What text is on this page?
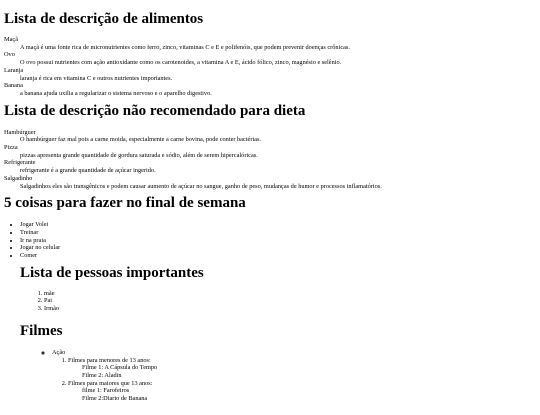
Lista de descrição de alimentos
Maçã
A maçã é uma fonte rica de micronutrientes como ferro, zinco, vitaminas C e E e polifenóis, que podem prevenir doenças crônicas.
Ovo
O ovo possui nutrientes com ação antioxidante como os carotenoides, a vitamina A e E, ácido fólico, zinco, magnésio e selênio.
Laranja
laranja é rica em vitamina C e outros nutrientes importantes.
Banana
a banana ajuda uxilia a regularizar o sistema nervoso e o aparelho digestivo.
Lista de descrição não recomendado para dieta
Hambúrguer
O hambúrguer faz mal pois a carne moida, especialmente a carne bovina, pode conter bactérias.
Pizza
pizzas apresenta grande quantidade de gordura saturada e sódio, além de serem hipercalóricas.
Refrigerante
refrigerante é a grande quantidade de açúcar ingerido.
Salgadinho
Salgadinhos eles são transgênicos e podem causar aumento de açúcar no sangue, ganho de peso, mudanças de humor e processos inflamatórios.
5 coisas para fazer no final de semana
• Jogar Volei
• Treinar
• Ir na praia
• Jogar no celular
• Comer
Lista de pessoas importantes
1. mãe
2. Pai
3. Irmão
Filmes
◦ Ação
1. Filmes para menores de 13 anos:
Filme 1: A Cápsula do Tempo
Filme 2: Aladin
2. Filmes para maiores que 13 anos:
filme 1: Farofeiros
Filme 2:Diario de Banana
